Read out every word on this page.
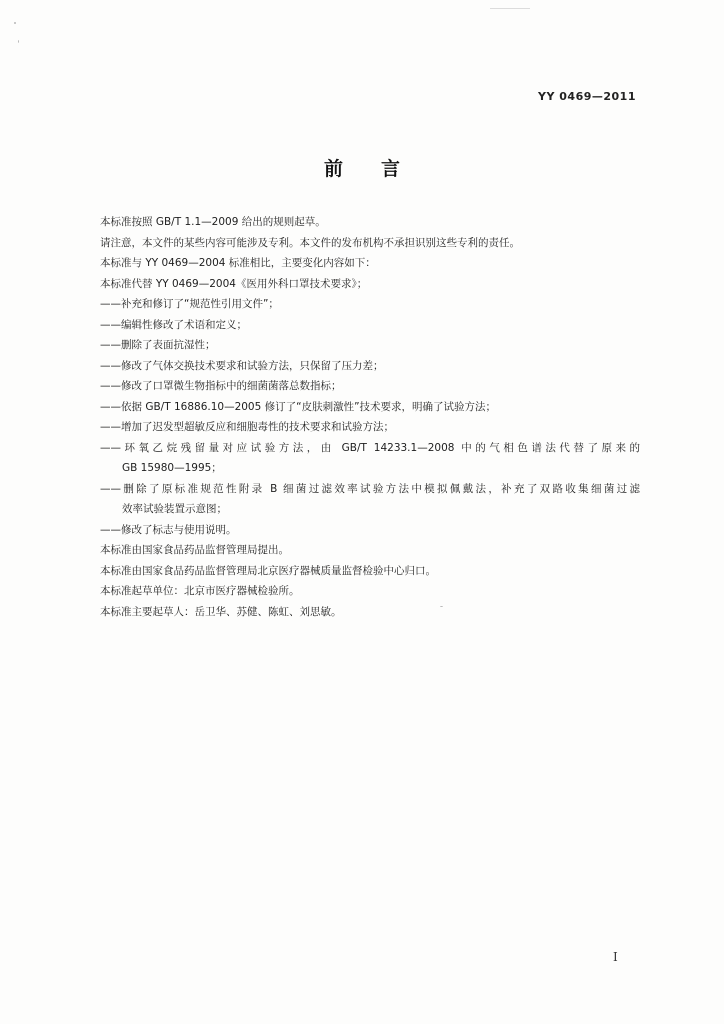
YY 0469—2011
前言
本标准按照 GB/T 1.1—2009 给出的规则起草。
请注意，本文件的某些内容可能涉及专利。本文件的发布机构不承担识别这些专利的责任。
本标准与 YY 0469—2004 标准相比，主要变化内容如下：
本标准代替 YY 0469—2004《医用外科口罩技术要求》；
——补充和修订了“规范性引用文件”；
——编辑性修改了术语和定义；
——删除了表面抗湿性；
——修改了气体交换技术要求和试验方法，只保留了压力差；
——修改了口罩微生物指标中的细菌菌落总数指标；
——依据 GB/T 16886.10—2005 修订了“皮肤刺激性”技术要求，明确了试验方法；
——增加了迟发型超敏反应和细胞毒性的技术要求和试验方法；
——环氧乙烷残留量对应试验方法，由 GB/T 14233.1—2008 中的气相色谱法代替了原来的
GB 15980—1995；
——删除了原标准规范性附录 B 细菌过滤效率试验方法中模拟佩戴法，补充了双路收集细菌过滤
效率试验装置示意图；
——修改了标志与使用说明。
本标准由国家食品药品监督管理局提出。
本标准由国家食品药品监督管理局北京医疗器械质量监督检验中心归口。
本标准起草单位：北京市医疗器械检验所。
本标准主要起草人：岳卫华、苏健、陈虹、刘思敏。
I
